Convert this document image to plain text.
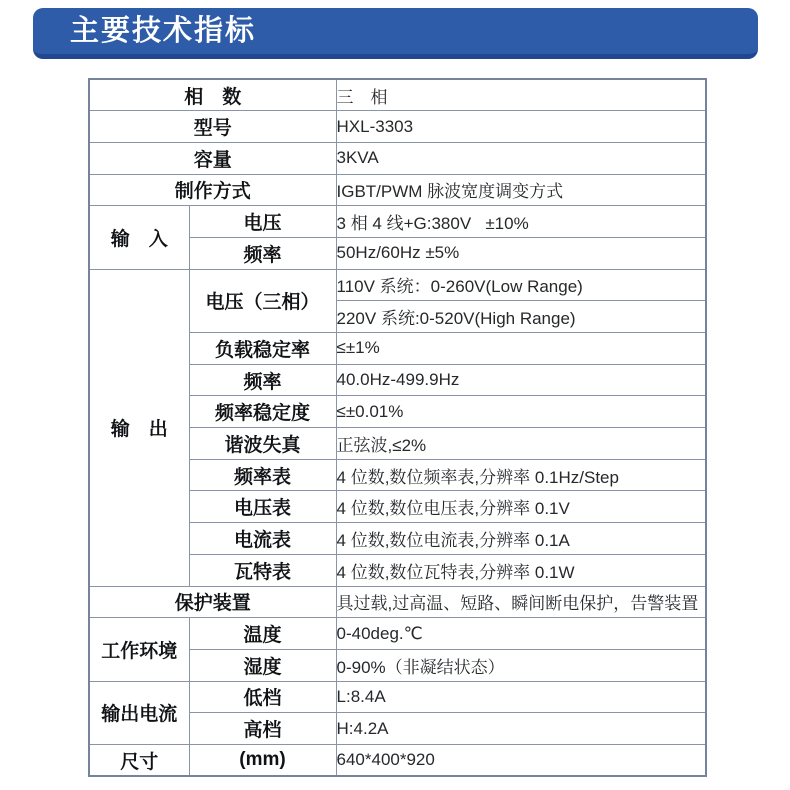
主要技术指标
相　数		三　相
型号		HXL-3303
容量		3KVA
制作方式		IGBT/PWM 脉波宽度调变方式
输　入	电压	3 相 4 线+G:380V   ±10%
	频率	50Hz/60Hz ±5%
输　出	电压（三相）	110V 系统：0-260V(Low Range)
		220V 系统:0-520V(High Range)
	负载稳定率	≤±1%
	频率	40.0Hz-499.9Hz
	频率稳定度	≤±0.01%
	谐波失真	正弦波,≤2%
	频率表	4 位数,数位频率表,分辨率 0.1Hz/Step
	电压表	4 位数,数位电压表,分辨率 0.1V
	电流表	4 位数,数位电流表,分辨率 0.1A
	瓦特表	4 位数,数位瓦特表,分辨率 0.1W
保护装置		具过载,过高温、短路、瞬间断电保护，告警装置
工作环境	温度	0-40deg.℃
	湿度	0-90%（非凝结状态）
输出电流	低档	L:8.4A
	高档	H:4.2A
尺寸	(mm)	640*400*920
